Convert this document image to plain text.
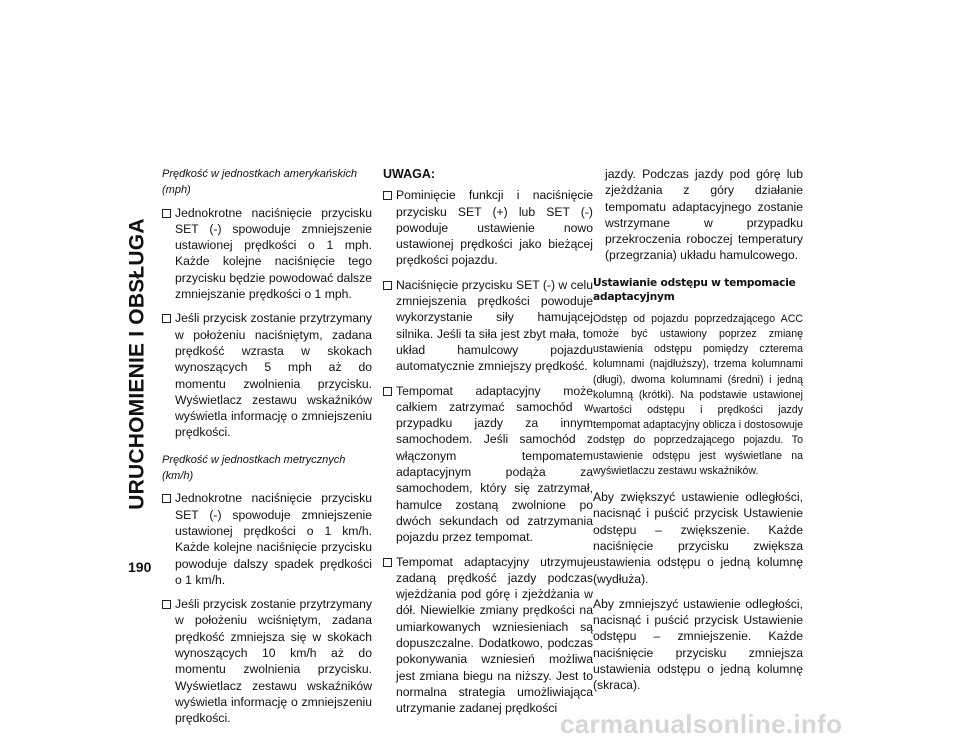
URUCHOMIENIE I OBSŁUGA
190
Prędkość w jednostkach amerykańskich (mph)
Jednokrotne naciśnięcie przycisku SET (-) spowoduje zmniejszenie ustawionej prędkości o 1 mph. Każde kolejne naciśnięcie tego przycisku będzie powodować dalsze zmniejszanie prędkości o 1 mph.
Jeśli przycisk zostanie przytrzymany w położeniu naciśniętym, zadana prędkość wzrasta w skokach wynoszących 5 mph aż do momentu zwolnienia przycisku. Wyświetlacz zestawu wskaźników wyświetla informację o zmniejszeniu prędkości.
Prędkość w jednostkach metrycznych (km/h)
Jednokrotne naciśnięcie przycisku SET (-) spowoduje zmniejszenie ustawionej prędkości o 1 km/h. Każde kolejne naciśnięcie przycisku powoduje dalszy spadek prędkości o 1 km/h.
Jeśli przycisk zostanie przytrzymany w położeniu wciśniętym, zadana prędkość zmniejsza się w skokach wynoszących 10 km/h aż do momentu zwolnienia przycisku. Wyświetlacz zestawu wskaźników wyświetla informację o zmniejszeniu prędkości.
UWAGA:
Pominięcie funkcji i naciśnięcie przycisku SET (+) lub SET (-) powoduje ustawienie nowo ustawionej prędkości jako bieżącej prędkości pojazdu.
Naciśnięcie przycisku SET (-) w celu zmniejszenia prędkości powoduje wykorzystanie siły hamującej silnika. Jeśli ta siła jest zbyt mała, to układ hamulcowy pojazdu automatycznie zmniejszy prędkość.
Tempomat adaptacyjny może całkiem zatrzymać samochód w przypadku jazdy za innym samochodem. Jeśli samochód z włączonym tempomatem adaptacyjnym podąża za samochodem, który się zatrzymał, hamulce zostaną zwolnione po dwóch sekundach od zatrzymania pojazdu przez tempomat.
Tempomat adaptacyjny utrzymuje zadaną prędkość jazdy podczas wjeżdżania pod górę i zjeżdżania w dół. Niewielkie zmiany prędkości na umiarkowanych wzniesieniach są dopuszczalne. Dodatkowo, podczas pokonywania wzniesień możliwa jest zmiana biegu na niższy. Jest to normalna strategia umożliwiająca utrzymanie zadanej prędkości
jazdy. Podczas jazdy pod górę lub zjeżdżania z góry działanie tempomatu adaptacyjnego zostanie wstrzymane w przypadku przekroczenia roboczej temperatury (przegrzania) układu hamulcowego.
Ustawianie odstępu w tempomacie adaptacyjnym
Odstęp od pojazdu poprzedzającego ACC może być ustawiony poprzez zmianę ustawienia odstępu pomiędzy czterema kolumnami (najdłuższy), trzema kolumnami (długi), dwoma kolumnami (średni) i jedną kolumną (krótki). Na podstawie ustawionej wartości odstępu i prędkości jazdy tempomat adaptacyjny oblicza i dostosowuje odstęp do poprzedzającego pojazdu. To ustawienie odstępu jest wyświetlane na wyświetlaczu zestawu wskaźników.
Aby zwiększyć ustawienie odległości, nacisnąć i puścić przycisk Ustawienie odstępu – zwiększenie. Każde naciśnięcie przycisku zwiększa ustawienia odstępu o jedną kolumnę (wydłuża).
Aby zmniejszyć ustawienie odległości, nacisnąć i puścić przycisk Ustawienie odstępu – zmniejszenie. Każde naciśnięcie przycisku zmniejsza ustawienia odstępu o jedną kolumnę (skraca).
carmanualsonline.info
